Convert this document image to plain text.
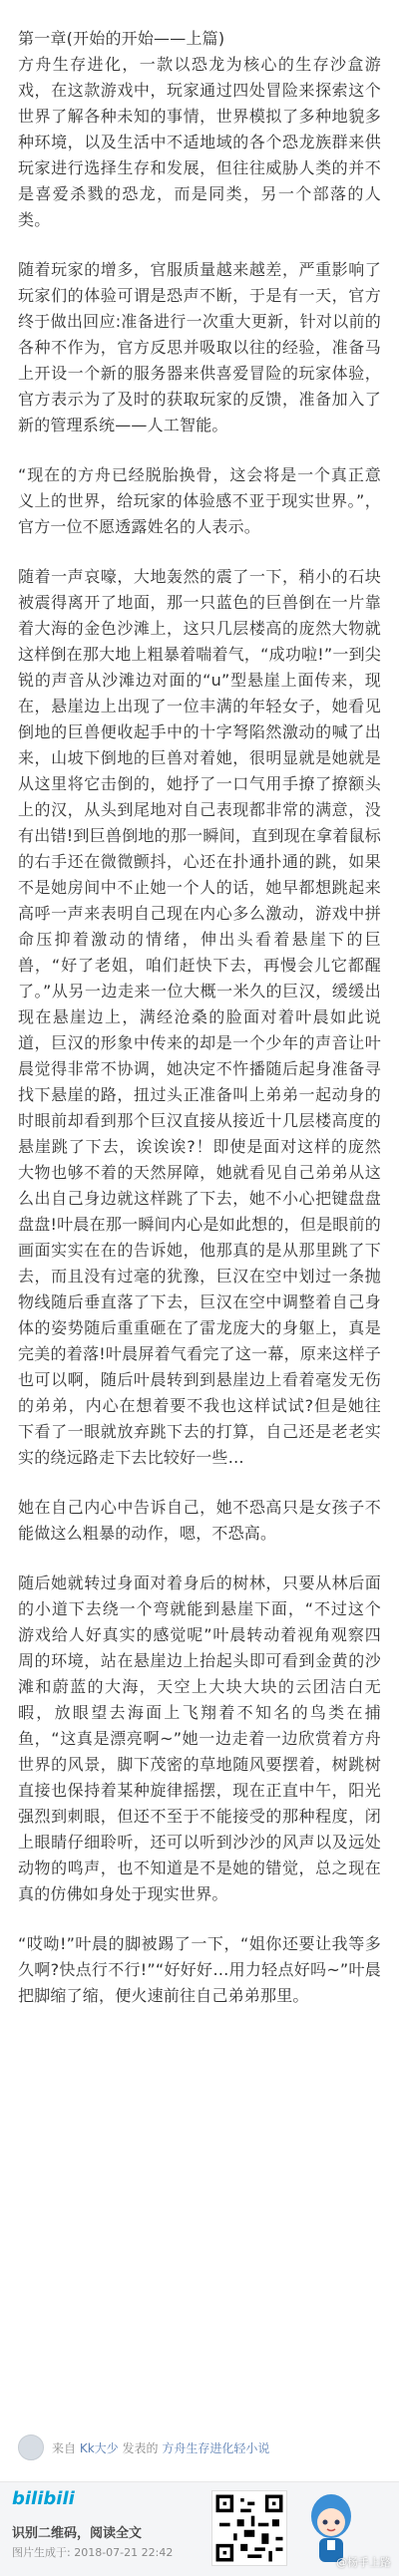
第一章(开始的开始——上篇)
方舟生存进化，一款以恐龙为核心的生存沙盒游戏，在这款游戏中，玩家通过四处冒险来探索这个世界了解各种未知的事情，世界模拟了多种地貌多种环境，以及生活中不适地域的各个恐龙族群来供玩家进行选择生存和发展，但往往威胁人类的并不是喜爱杀戮的恐龙，而是同类，另一个部落的人类。
随着玩家的增多，官服质量越来越差，严重影响了玩家们的体验可谓是恐声不断，于是有一天，官方终于做出回应:准备进行一次重大更新，针对以前的各种不作为，官方反思并吸取以往的经验，准备马上开设一个新的服务器来供喜爱冒险的玩家体验，官方表示为了及时的获取玩家的反馈，准备加入了新的管理系统——人工智能。
“现在的方舟已经脱胎换骨，这会将是一个真正意义上的世界，给玩家的体验感不亚于现实世界。”，官方一位不愿透露姓名的人表示。
随着一声哀嚎，大地轰然的震了一下，稍小的石块被震得离开了地面，那一只蓝色的巨兽倒在一片靠着大海的金色沙滩上，这只几层楼高的庞然大物就这样倒在那大地上粗暴着喘着气，“成功啦!”一到尖锐的声音从沙滩边对面的“u”型悬崖上面传来，现在，悬崖边上出现了一位丰满的年轻女子，她看见倒地的巨兽便收起手中的十字弩陷然激动的喊了出来，山坡下倒地的巨兽对着她，很明显就是她就是从这里将它击倒的，她抒了一口气用手撩了撩额头上的汉，从头到尾地对自己表现都非常的满意，没有出错!到巨兽倒地的那一瞬间，直到现在拿着鼠标的右手还在微微颤抖，心还在扑通扑通的跳，如果不是她房间中不止她一个人的话，她早都想跳起来高呼一声来表明自己现在内心多么激动，游戏中拼命压抑着激动的情绪，伸出头看着悬崖下的巨兽，“好了老姐，咱们赶快下去，再慢会儿它都醒了。”从另一边走来一位大概一米久的巨汉，缓缓出现在悬崖边上，满经沧桑的脸面对着叶晨如此说道，巨汉的形象中传来的却是一个少年的声音让叶晨觉得非常不协调，她决定不忤播随后起身准备寻找下悬崖的路，扭过头正准备叫上弟弟一起动身的时眼前却看到那个巨汉直接从接近十几层楼高度的悬崖跳了下去，诶诶诶?！即使是面对这样的庞然大物也够不着的天然屏障，她就看见自己弟弟从这么出自己身边就这样跳了下去，她不小心把键盘盘盘盘!叶晨在那一瞬间内心是如此想的，但是眼前的画面实实在在的告诉她，他那真的是从那里跳了下去，而且没有过毫的犹豫，巨汉在空中划过一条抛物线随后垂直落了下去，巨汉在空中调整着自己身体的姿势随后重重砸在了雷龙庞大的身躯上，真是完美的着落!叶晨屏着气看完了这一幕，原来这样子也可以啊，随后叶晨转到到悬崖边上看着毫发无伤的弟弟，内心在想着要不我也这样试试?但是她往下看了一眼就放弃跳下去的打算，自己还是老老实实的绕远路走下去比较好一些…
她在自己内心中告诉自己，她不恐高只是女孩子不能做这么粗暴的动作，嗯，不恐高。
随后她就转过身面对着身后的树林，只要从林后面的小道下去绕一个弯就能到悬崖下面，“不过这个游戏给人好真实的感觉呢”叶晨转动着视角观察四周的环境，站在悬崖边上抬起头即可看到金黄的沙滩和蔚蓝的大海，天空上大块大块的云团洁白无暇，放眼望去海面上飞翔着不知名的鸟类在捕鱼，“这真是漂亮啊~”她一边走着一边欣赏着方舟世界的风景，脚下茂密的草地随风要摆着，树跳树直接也保持着某种旋律摇摆，现在正直中午，阳光强烈到刺眼，但还不至于不能接受的那种程度，闭上眼睛仔细聆听，还可以听到沙沙的风声以及远处动物的鸣声，也不知道是不是她的错觉，总之现在真的仿佛如身处于现实世界。
“哎呦!”叶晨的脚被踢了一下，“姐你还要让我等多久啊?快点行不行!”“好好好…用力轻点好吗~”叶晨把脚缩了缩，便火速前往自己弟弟那里。
来自 Kk大少 发表的 方舟生存进化轻小说
bilibili
识别二维码，阅读全文
图片生成于: 2018-07-21 22:42
@杨手上路
